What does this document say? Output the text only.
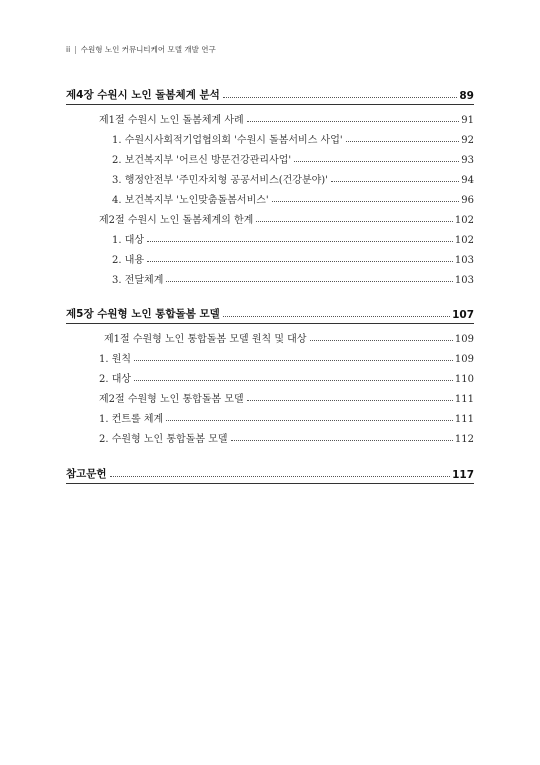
ii | 수원형 노인 커뮤니티케어 모델 개발 연구
제4장 수원시 노인 돌봄체계 분석	89
제1절 수원시 노인 돌봄체계 사례	91
1. 수원시사회적기업협의회 '수원시 돌봄서비스 사업'	92
2. 보건복지부 '어르신 방문건강관리사업'	93
3. 행정안전부 '주민자치형 공공서비스(건강분야)'	94
4. 보건복지부 '노인맞춤돌봄서비스'	96
제2절 수원시 노인 돌봄체계의 한계	102
1. 대상	102
2. 내용	103
3. 전달체계	103
제5장 수원형 노인 통합돌봄 모델	107
제1절 수원형 노인 통합돌봄 모델 원칙 및 대상	109
1. 원칙	109
2. 대상	110
제2절 수원형 노인 통합돌봄 모델	111
1. 컨트롤 체계	111
2. 수원형 노인 통합돌봄 모델	112
참고문헌	117
